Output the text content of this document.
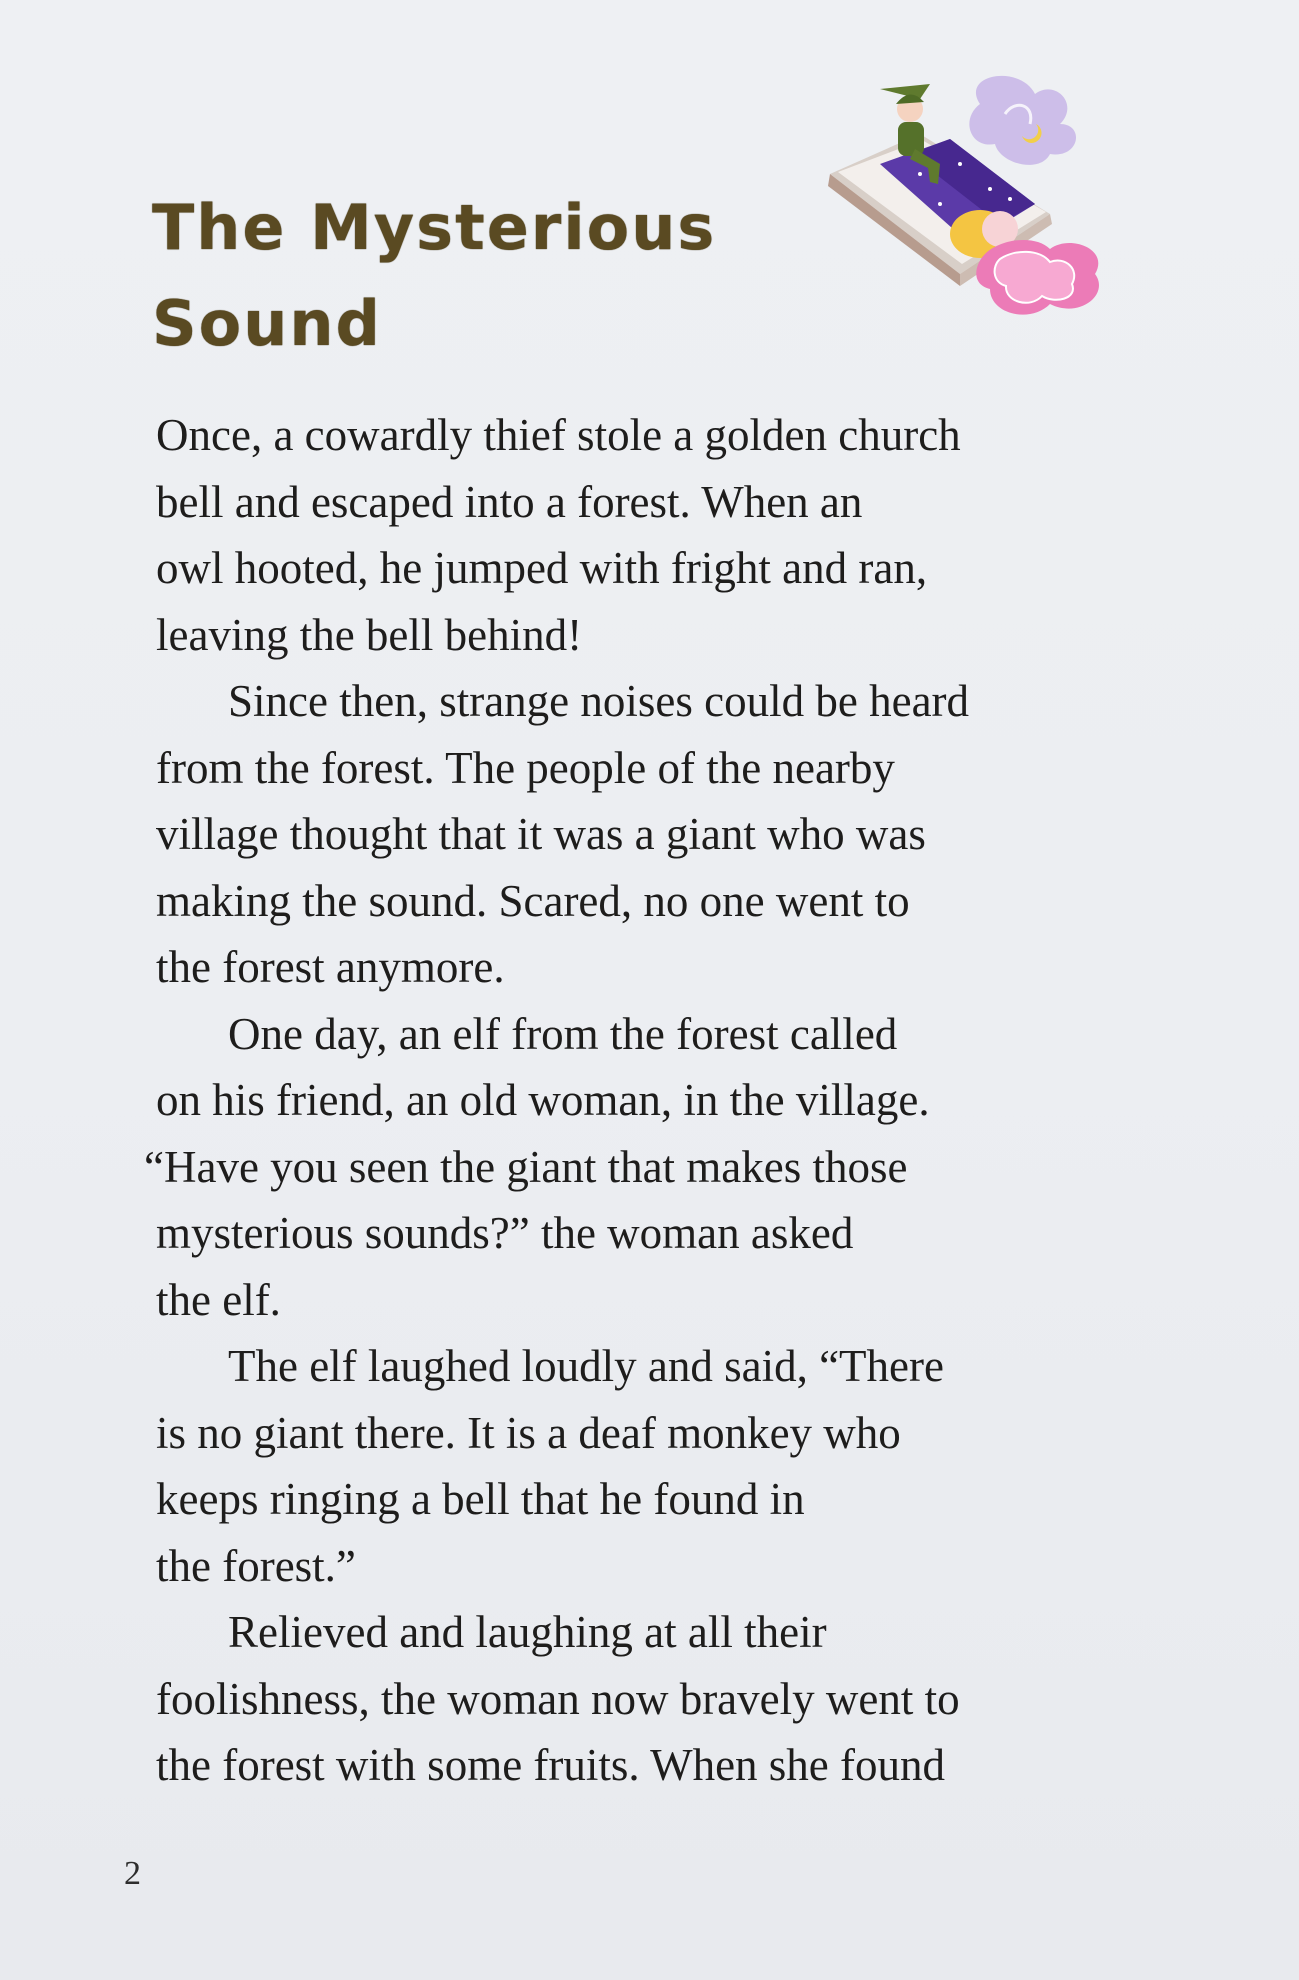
The Mysterious
Sound

Once, a cowardly thief stole a golden church
bell and escaped into a forest. When an
owl hooted, he jumped with fright and ran,
leaving the bell behind!

Since then, strange noises could be heard
from the forest. The people of the nearby
village thought that it was a giant who was
making the sound. Scared, no one went to
the forest anymore.

One day, an elf from the forest called
on his friend, an old woman, in the village.
“Have you seen the giant that makes those
mysterious sounds?” the woman asked
the elf.

The elf laughed loudly and said, “There
is no giant there. It is a deaf monkey who
keeps ringing a bell that he found in
the forest.”

Relieved and laughing at all their
foolishness, the woman now bravely went to
the forest with some fruits. When she found

2
